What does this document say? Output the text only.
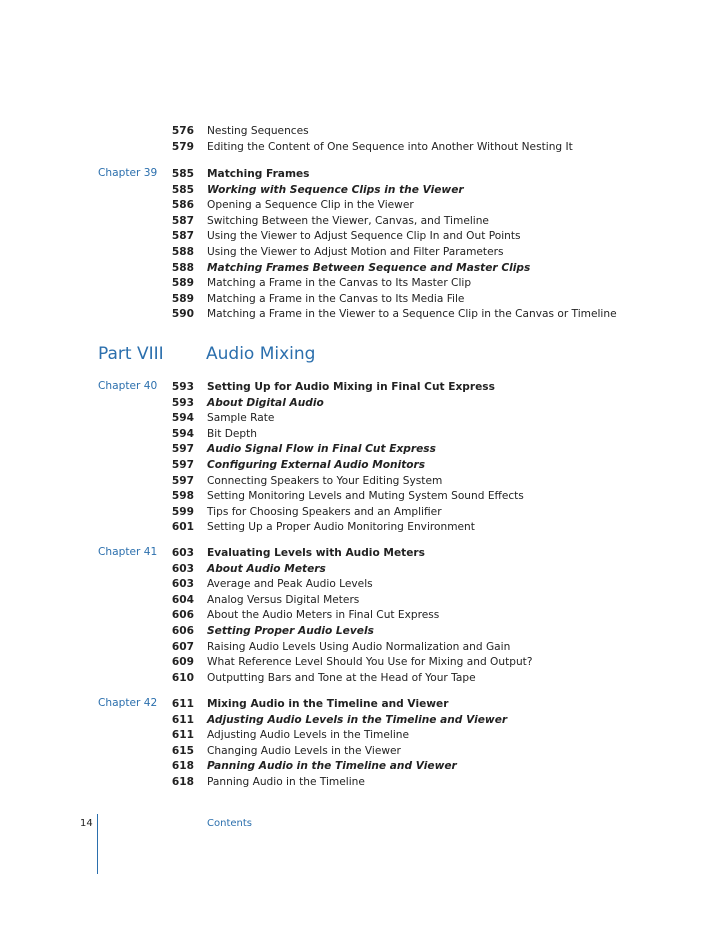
576 Nesting Sequences
579 Editing the Content of One Sequence into Another Without Nesting It
Chapter 39	585 Matching Frames
585 Working with Sequence Clips in the Viewer
586 Opening a Sequence Clip in the Viewer
587 Switching Between the Viewer, Canvas, and Timeline
587 Using the Viewer to Adjust Sequence Clip In and Out Points
588 Using the Viewer to Adjust Motion and Filter Parameters
588 Matching Frames Between Sequence and Master Clips
589 Matching a Frame in the Canvas to Its Master Clip
589 Matching a Frame in the Canvas to Its Media File
590 Matching a Frame in the Viewer to a Sequence Clip in the Canvas or Timeline
Part VIII Audio Mixing
Chapter 40	593 Setting Up for Audio Mixing in Final Cut Express
593 About Digital Audio
594 Sample Rate
594 Bit Depth
597 Audio Signal Flow in Final Cut Express
597 Configuring External Audio Monitors
597 Connecting Speakers to Your Editing System
598 Setting Monitoring Levels and Muting System Sound Effects
599 Tips for Choosing Speakers and an Amplifier
601 Setting Up a Proper Audio Monitoring Environment
Chapter 41	603 Evaluating Levels with Audio Meters
603 About Audio Meters
603 Average and Peak Audio Levels
604 Analog Versus Digital Meters
606 About the Audio Meters in Final Cut Express
606 Setting Proper Audio Levels
607 Raising Audio Levels Using Audio Normalization and Gain
609 What Reference Level Should You Use for Mixing and Output?
610 Outputting Bars and Tone at the Head of Your Tape
Chapter 42	611 Mixing Audio in the Timeline and Viewer
611 Adjusting Audio Levels in the Timeline and Viewer
611 Adjusting Audio Levels in the Timeline
615 Changing Audio Levels in the Viewer
618 Panning Audio in the Timeline and Viewer
618 Panning Audio in the Timeline
14	Contents
